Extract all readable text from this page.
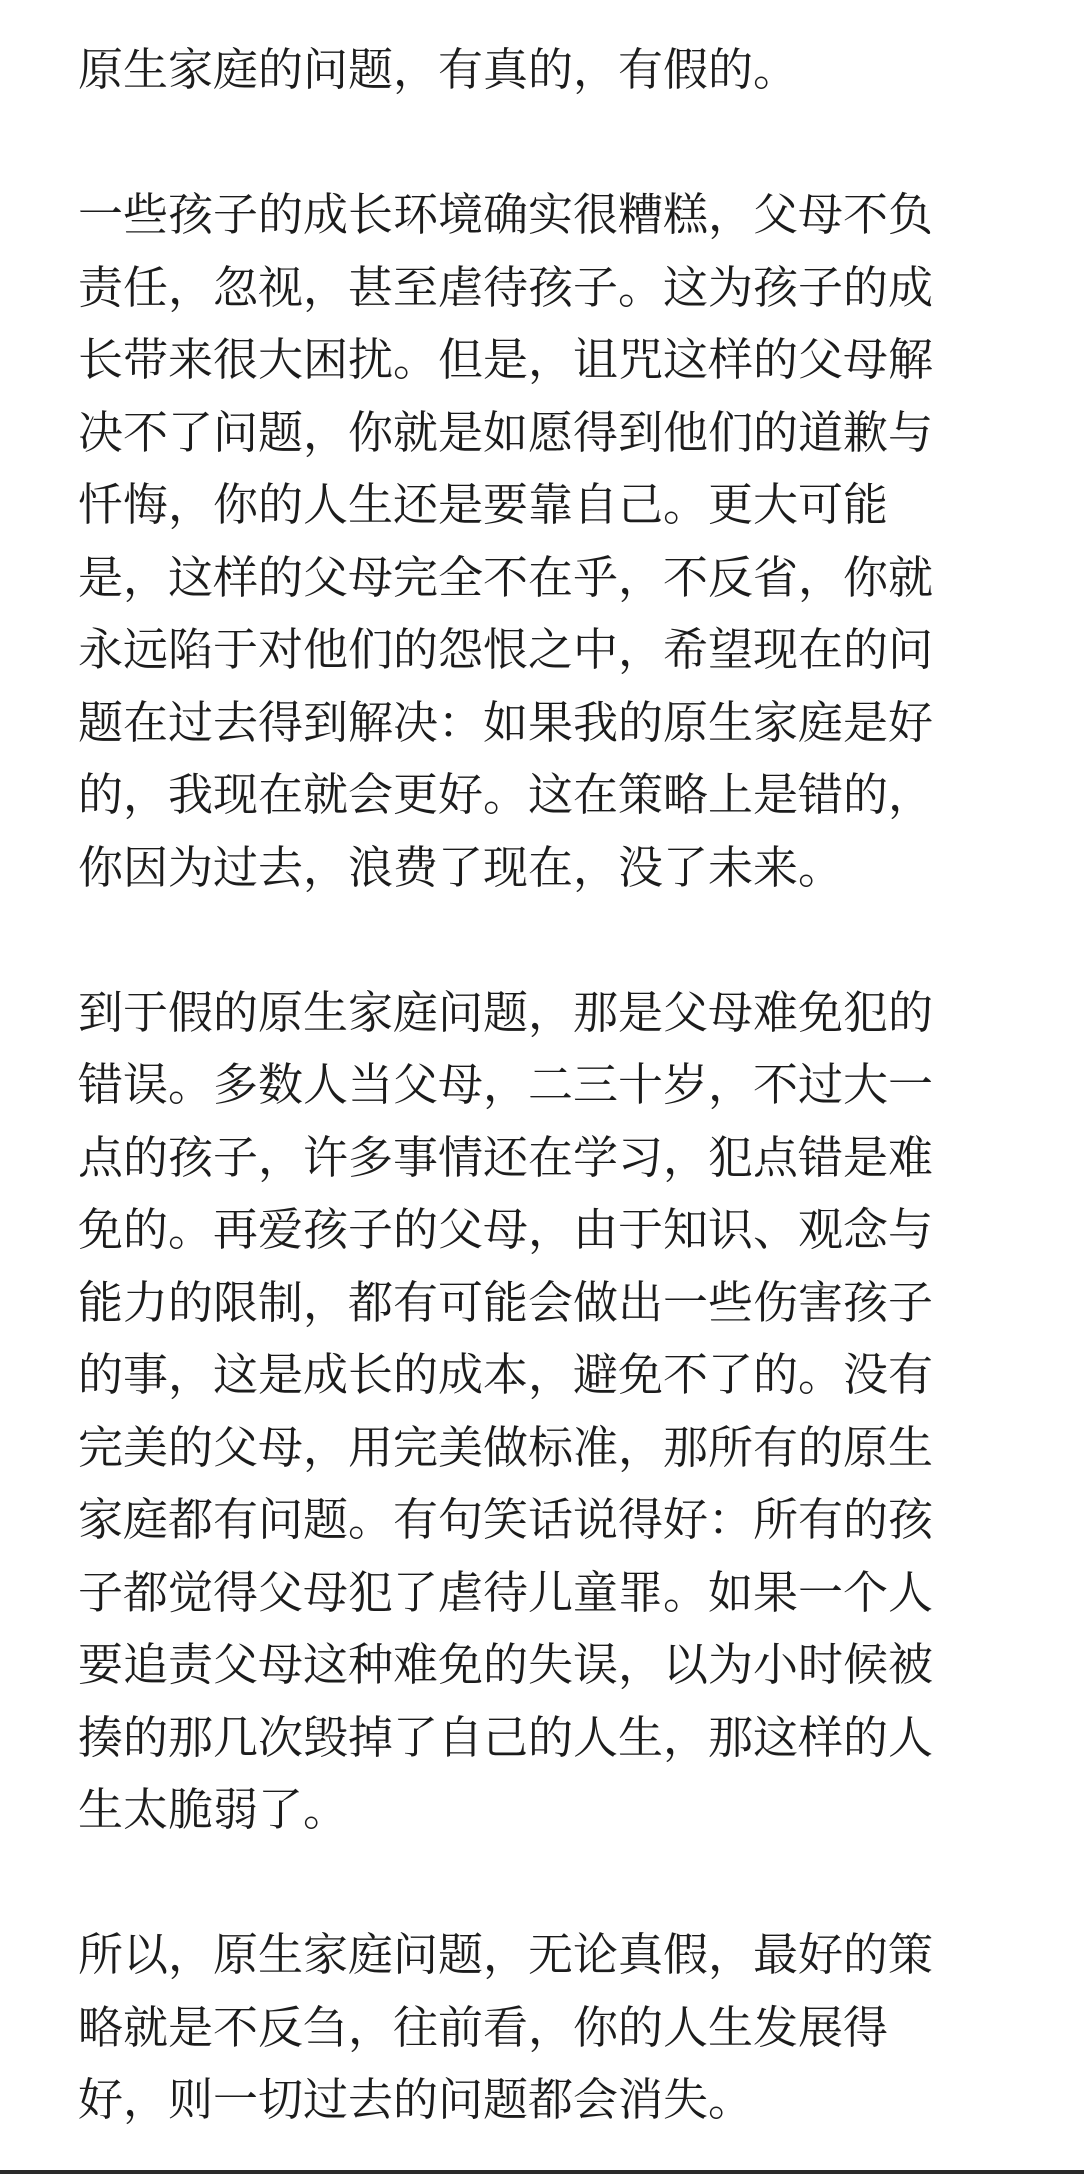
原生家庭的问题，有真的，有假的。
一些孩子的成长环境确实很糟糕，父母不负
责任，忽视，甚至虐待孩子。这为孩子的成
长带来很大困扰。但是，诅咒这样的父母解
决不了问题，你就是如愿得到他们的道歉与
忏悔，你的人生还是要靠自己。更大可能
是，这样的父母完全不在乎，不反省，你就
永远陷于对他们的怨恨之中，希望现在的问
题在过去得到解决：如果我的原生家庭是好
的，我现在就会更好。这在策略上是错的，
你因为过去，浪费了现在，没了未来。
到于假的原生家庭问题，那是父母难免犯的
错误。多数人当父母，二三十岁，不过大一
点的孩子，许多事情还在学习，犯点错是难
免的。再爱孩子的父母，由于知识、观念与
能力的限制，都有可能会做出一些伤害孩子
的事，这是成长的成本，避免不了的。没有
完美的父母，用完美做标准，那所有的原生
家庭都有问题。有句笑话说得好：所有的孩
子都觉得父母犯了虐待儿童罪。如果一个人
要追责父母这种难免的失误，以为小时候被
揍的那几次毁掉了自己的人生，那这样的人
生太脆弱了。
所以，原生家庭问题，无论真假，最好的策
略就是不反刍，往前看，你的人生发展得
好，则一切过去的问题都会消失。
